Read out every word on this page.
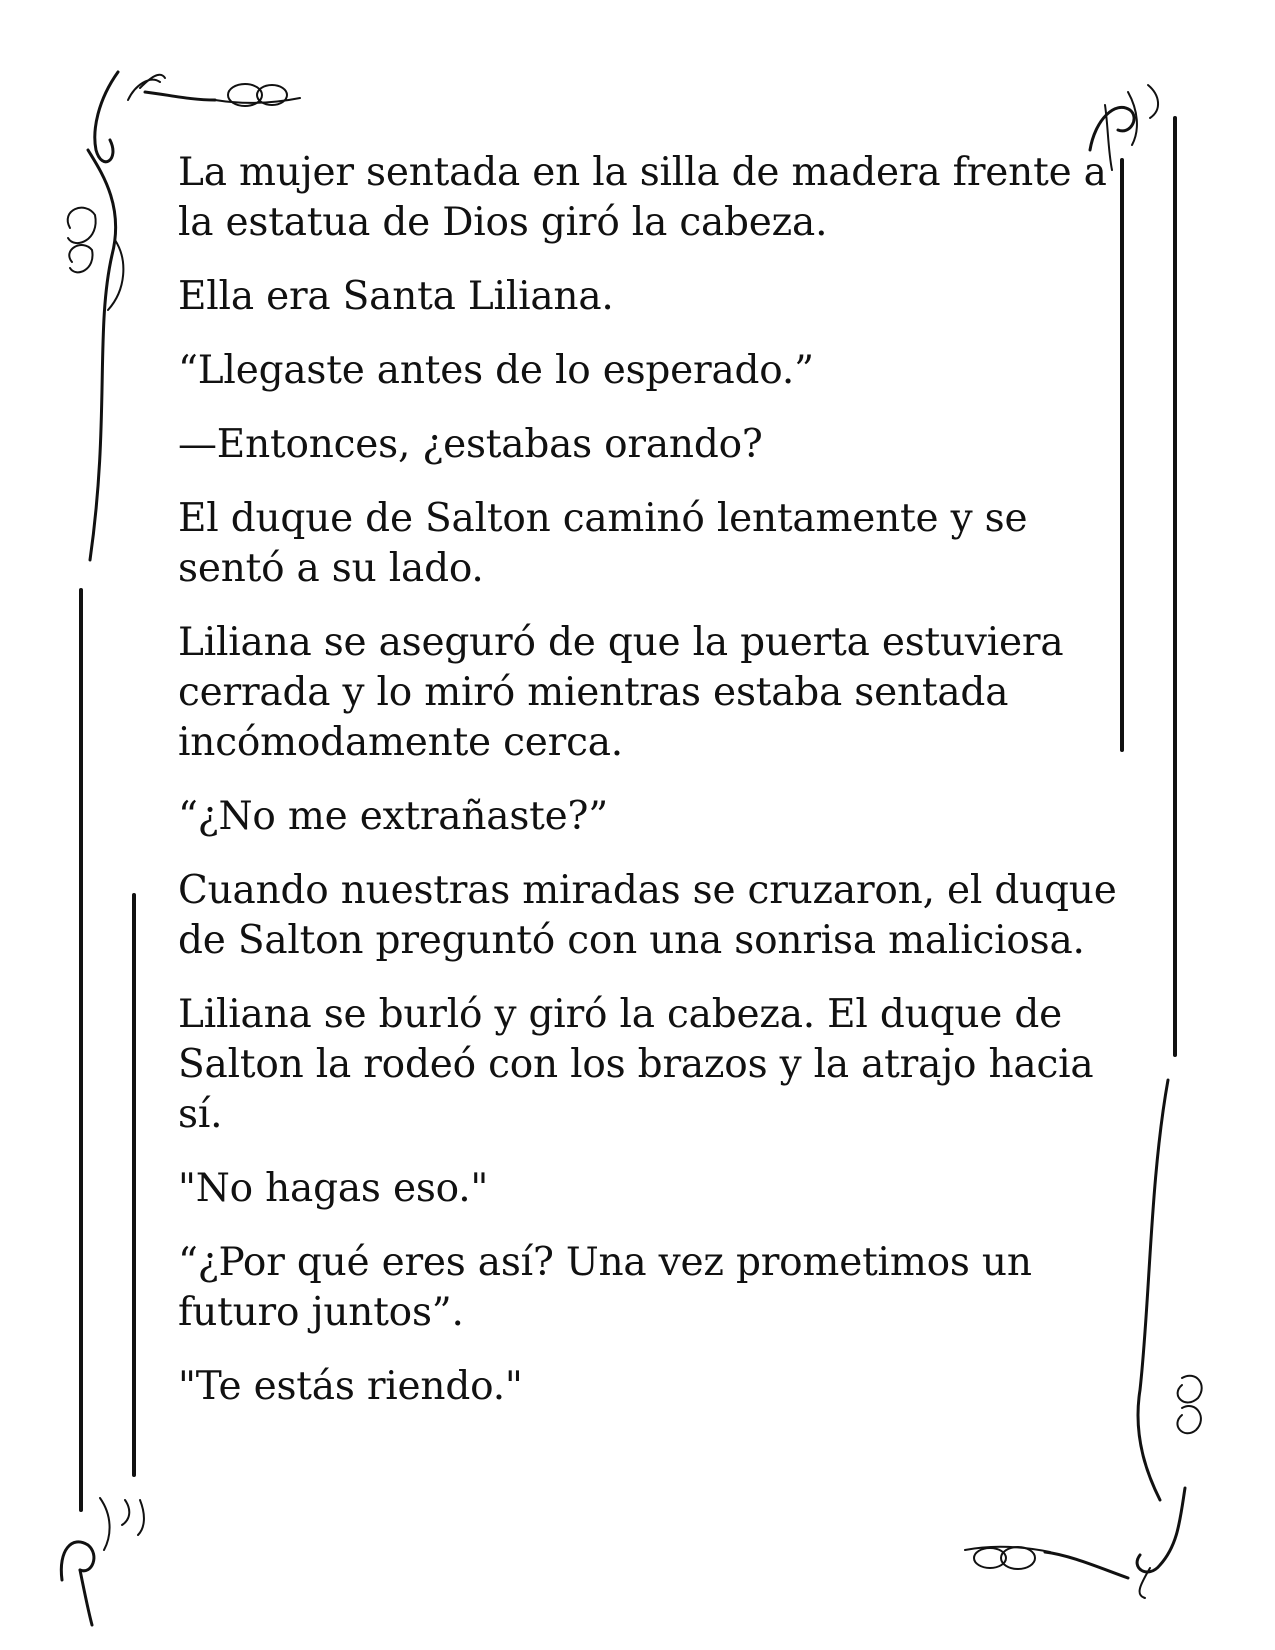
La mujer sentada en la silla de madera frente a la estatua de Dios giró la cabeza.

Ella era Santa Liliana.

“Llegaste antes de lo esperado.”

—Entonces, ¿estabas orando?

El duque de Salton caminó lentamente y se sentó a su lado.

Liliana se aseguró de que la puerta estuviera cerrada y lo miró mientras estaba sentada incómodamente cerca.

“¿No me extrañaste?”

Cuando nuestras miradas se cruzaron, el duque de Salton preguntó con una sonrisa maliciosa.

Liliana se burló y giró la cabeza. El duque de Salton la rodeó con los brazos y la atrajo hacia sí.

"No hagas eso."

“¿Por qué eres así? Una vez prometimos un futuro juntos”.

"Te estás riendo."
